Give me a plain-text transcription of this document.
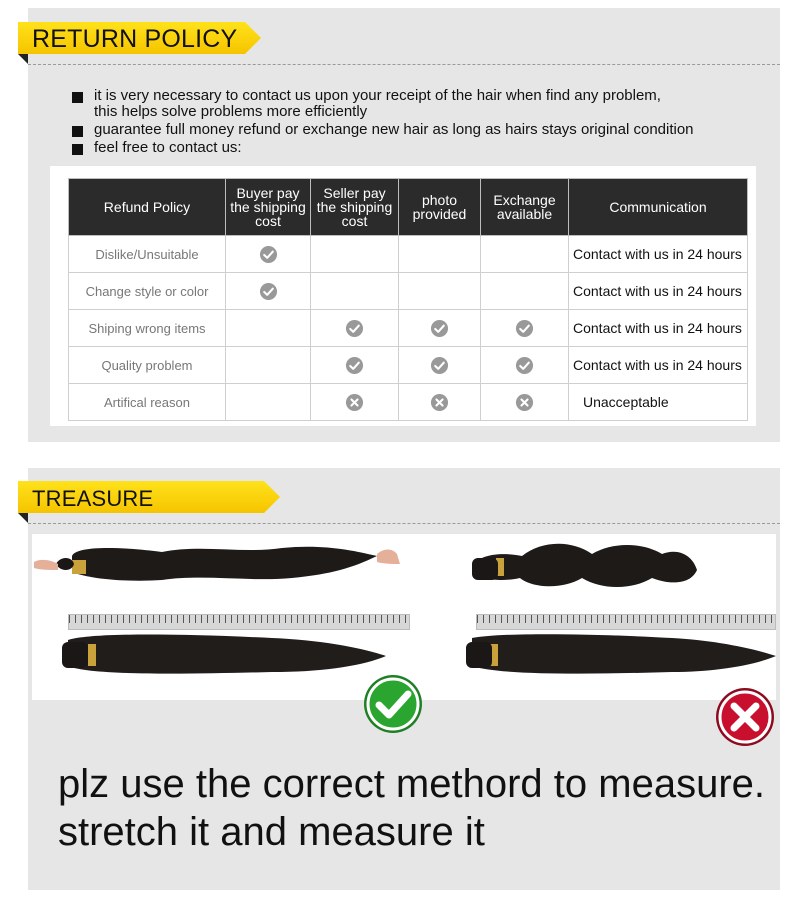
RETURN POLICY
it is very necessary to contact us upon your receipt of the hair when find any problem,
this helps solve problems more efficiently
guarantee full money refund or exchange new hair as long as hairs stays original condition
feel free to contact us:
Refund Policy	Buyer pay
the shipping
cost	Seller pay
the shipping
cost	photo
provided	Exchange
available	Communication
Dislike/Unsuitable					Contact with us in 24 hours
Change style or color					Contact with us in 24 hours
Shiping wrong items					Contact with us in 24 hours
Quality problem					Contact with us in 24 hours
Artifical reason					Unacceptable
TREASURE
plz use the correct methord to measure.
stretch it and measure it
